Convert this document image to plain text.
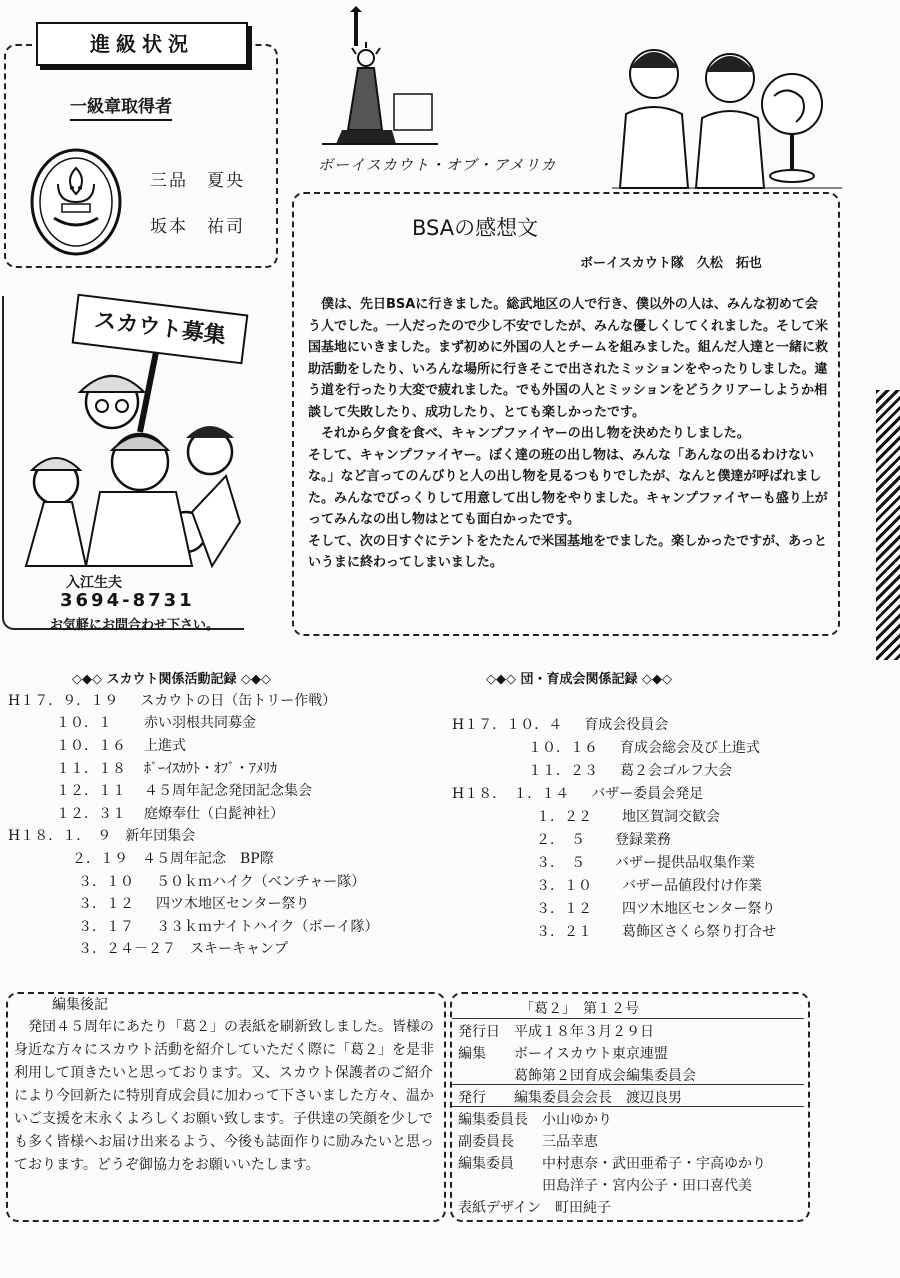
進級状況
一級章取得者
三品　夏央
坂本　祐司
ボーイスカウト・オブ・アメリカ
BSAの感想文
ボーイスカウト隊　久松　拓也

　僕は、先日BSAに行きました。総武地区の人で行き、僕以外の人は、みんな初めて会う人でした。一人だったので少し不安でしたが、みんな優しくしてくれました。そして米国基地にいきました。まず初めに外国の人とチームを組みました。組んだ人達と一緒に救助活動をしたり、いろんな場所に行きそこで出されたミッションをやったりしました。違う道を行ったり大変で疲れました。でも外国の人とミッションをどうクリアーしようか相談して失敗したり、成功したり、とても楽しかったです。

　それから夕食を食べ、キャンプファイヤーの出し物を決めたりしました。

そして、キャンプファイヤー。ぼく達の班の出し物は、みんな「あんなの出るわけないな。」など言ってのんびりと人の出し物を見るつもりでしたが、なんと僕達が呼ばれました。みんなでびっくりして用意して出し物をやりました。キャンプファイヤーも盛り上がってみんなの出し物はとても面白かったです。

そして、次の日すぐにテントをたたんで米国基地をでました。楽しかったですが、あっというまに終わってしまいました。

スカウト募集
入江生夫
3694-8731
お気軽にお問合わせ下さい。
◇◆◇ スカウト関係活動記録 ◇◆◇
H１７．９．１９ スカウトの日（缶トリー作戦）
１０．１ 赤い羽根共同募金
１０．１６ 上進式
１１．１８ ﾎﾞｰｲｽｶｳﾄ・ｵﾌﾞ・ｱﾒﾘｶ
１２．１１ ４５周年記念発団記念集会
１２．３１ 庭燎奉仕（白髭神社）
H１８．１．　９ 新年団集会
２．１９ ４５周年記念　BP際
３．１０ ５０ｋｍハイク（ベンチャー隊）
３．１２ 四ツ木地区センター祭り
３．１７ ３３ｋｍナイトハイク（ボーイ隊）
３．２４－２７ スキーキャンプ
◇◆◇ 団・育成会関係記録 ◇◆◇
H１７．１０．４ 育成会役員会
１０．１６ 育成会総会及び上進式
１１．２３ 葛２会ゴルフ大会
H１８．　１．１４ バザー委員会発足
１．２２ 地区賀詞交歓会
２．　５ 登録業務
３．　５ バザー提供品収集作業
３．１０ バザー品値段付け作業
３．１２ 四ツ木地区センター祭り
３．２１ 葛飾区さくら祭り打合せ
編集後記
　発団４５周年にあたり「葛２」の表紙を刷新致しました。皆様の身近な方々にスカウト活動を紹介していただく際に「葛２」を是非利用して頂きたいと思っております。又、スカウト保護者のご紹介により今回新たに特別育成会員に加わって下さいました方々、温かいご支援を末永くよろしくお願い致します。子供達の笑顔を少しでも多く皆様へお届け出来るよう、今後も誌面作りに励みたいと思っております。どうぞ御協力をお願いいたします。
「葛２」　第１２号
発行日　平成１８年３月２９日
編集　　ボーイスカウト東京連盟
　　　　葛飾第２団育成会編集委員会
発行　　編集委員会会長　渡辺良男
編集委員長　小山ゆかり
副委員長　　三品幸恵
編集委員　　中村恵奈・武田亜希子・宇高ゆかり
　　　　　　田島洋子・宮内公子・田口喜代美
表紙デザイン　町田純子
